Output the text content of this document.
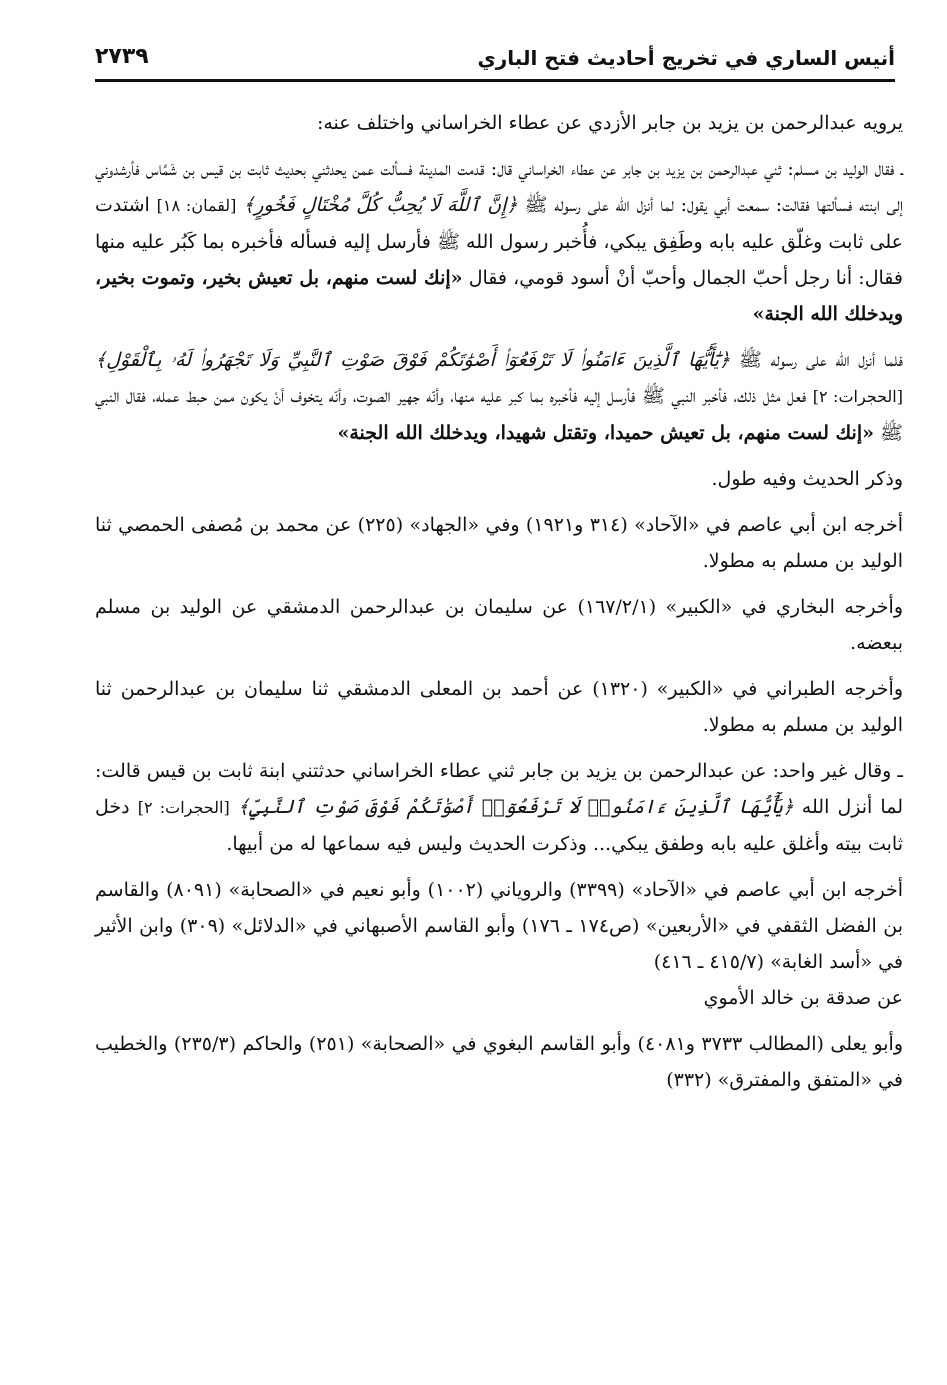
أنيس الساري في تخريج أحاديث فتح الباري
٢٧٣٩

يرويه عبدالرحمن بن يزيد بن جابر الأزدي عن عطاء الخراساني واختلف عنه:

ـ فقال الوليد بن مسلم: ثني عبدالرحمن بن يزيد بن جابر عن عطاء الخراساني قال: قدمت المدينة فسألت عمن يحدثني بحديث ثابت بن قيس بن شَمَّاس فأرشدوني إلى ابنته فسألتها فقالت: سمعت أبي يقول: لما أنزل الله على رسوله ﷺ ﴿إِنَّ ٱللَّهَ لَا يُحِبُّ كُلَّ مُخْتَالٍ فَخُورٍ﴾ [لقمان: ١٨] اشتدت على ثابت وغلّق عليه بابه وطَفِق يبكي، فأُخبر رسول الله ﷺ فأرسل إليه فسأله فأخبره بما كَبُر عليه منها فقال: أنا رجل أحبّ الجمال وأحبّ أنْ أسود قومي، فقال «إنك لست منهم، بل تعيش بخير، وتموت بخير، ويدخلك الله الجنة»

فلما أنزل الله على رسوله ﷺ ﴿يَٰٓأَيُّهَا ٱلَّذِينَ ءَامَنُوا۟ لَا تَرْفَعُوٓا۟ أَصْوَٰتَكُمْ فَوْقَ صَوْتِ ٱلنَّبِيِّ وَلَا تَجْهَرُوا۟ لَهُۥ بِٱلْقَوْلِ﴾ [الحجرات: ٢] فعل مثل ذلك، فأخبر النبي ﷺ فأرسل إليه فأخبره بما كبر عليه منها، وأنّه جهير الصوت، وأنّه يتخوف أنْ يكون ممن حبط عمله، فقال النبي ﷺ «إنك لست منهم، بل تعيش حميدا، وتقتل شهيدا، ويدخلك الله الجنة»

وذكر الحديث وفيه طول.

أخرجه ابن أبي عاصم في «الآحاد» (٣١٤ و١٩٢١) وفي «الجهاد» (٢٢٥) عن محمد بن مُصفى الحمصي ثنا الوليد بن مسلم به مطولا.

وأخرجه البخاري في «الكبير» (١٦٧/٢/١) عن سليمان بن عبدالرحمن الدمشقي عن الوليد بن مسلم ببعضه.

وأخرجه الطبراني في «الكبير» (١٣٢٠) عن أحمد بن المعلى الدمشقي ثنا سليمان بن عبدالرحمن ثنا الوليد بن مسلم به مطولا.

ـ وقال غير واحد: عن عبدالرحمن بن يزيد بن جابر ثني عطاء الخراساني حدثتني ابنة ثابت بن قيس قالت: لما أنزل الله ﴿يَٰٓأَيُّهَا ٱلَّذِينَ ءَامَنُوا۟ لَا تَرْفَعُوٓا۟ أَصْوَٰتَكُمْ فَوْقَ صَوْتِ ٱلنَّبِيِّ﴾ [الحجرات: ٢] دخل ثابت بيته وأغلق عليه بابه وطفق يبكي... وذكرت الحديث وليس فيه سماعها له من أبيها.

أخرجه ابن أبي عاصم في «الآحاد» (٣٣٩٩) والروياني (١٠٠٢) وأبو نعيم في «الصحابة» (٨٠٩١) والقاسم بن الفضل الثقفي في «الأربعين» (ص١٧٤ ـ ١٧٦) وأبو القاسم الأصبهاني في «الدلائل» (٣٠٩) وابن الأثير في «أسد الغابة» (٤١٥/٧ ـ ٤١٦)

عن صدقة بن خالد الأموي

وأبو يعلى (المطالب ٣٧٣٣ و٤٠٨١) وأبو القاسم البغوي في «الصحابة» (٢٥١) والحاكم (٢٣٥/٣) والخطيب في «المتفق والمفترق» (٣٣٢)
